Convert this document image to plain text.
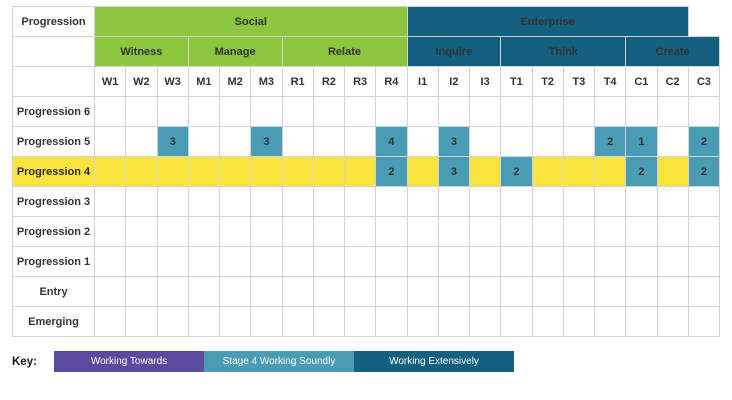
Progression	Social										Enterprise									
	Witness			Manage			Relate				Inquire			Think				Create		
	W1	W2	W3	M1	M2	M3	R1	R2	R3	R4	I1	I2	I3	T1	T2	T3	T4	C1	C2	C3
Progression 6																				
Progression 5			3			3				4		3					2	1		2
Progression 4										2		3		2				2		2
Progression 3																				
Progression 2																				
Progression 1																				
Entry																				
Emerging																				
Key:	Working Towards	Stage 4 Working Soundly	Working Extensively
